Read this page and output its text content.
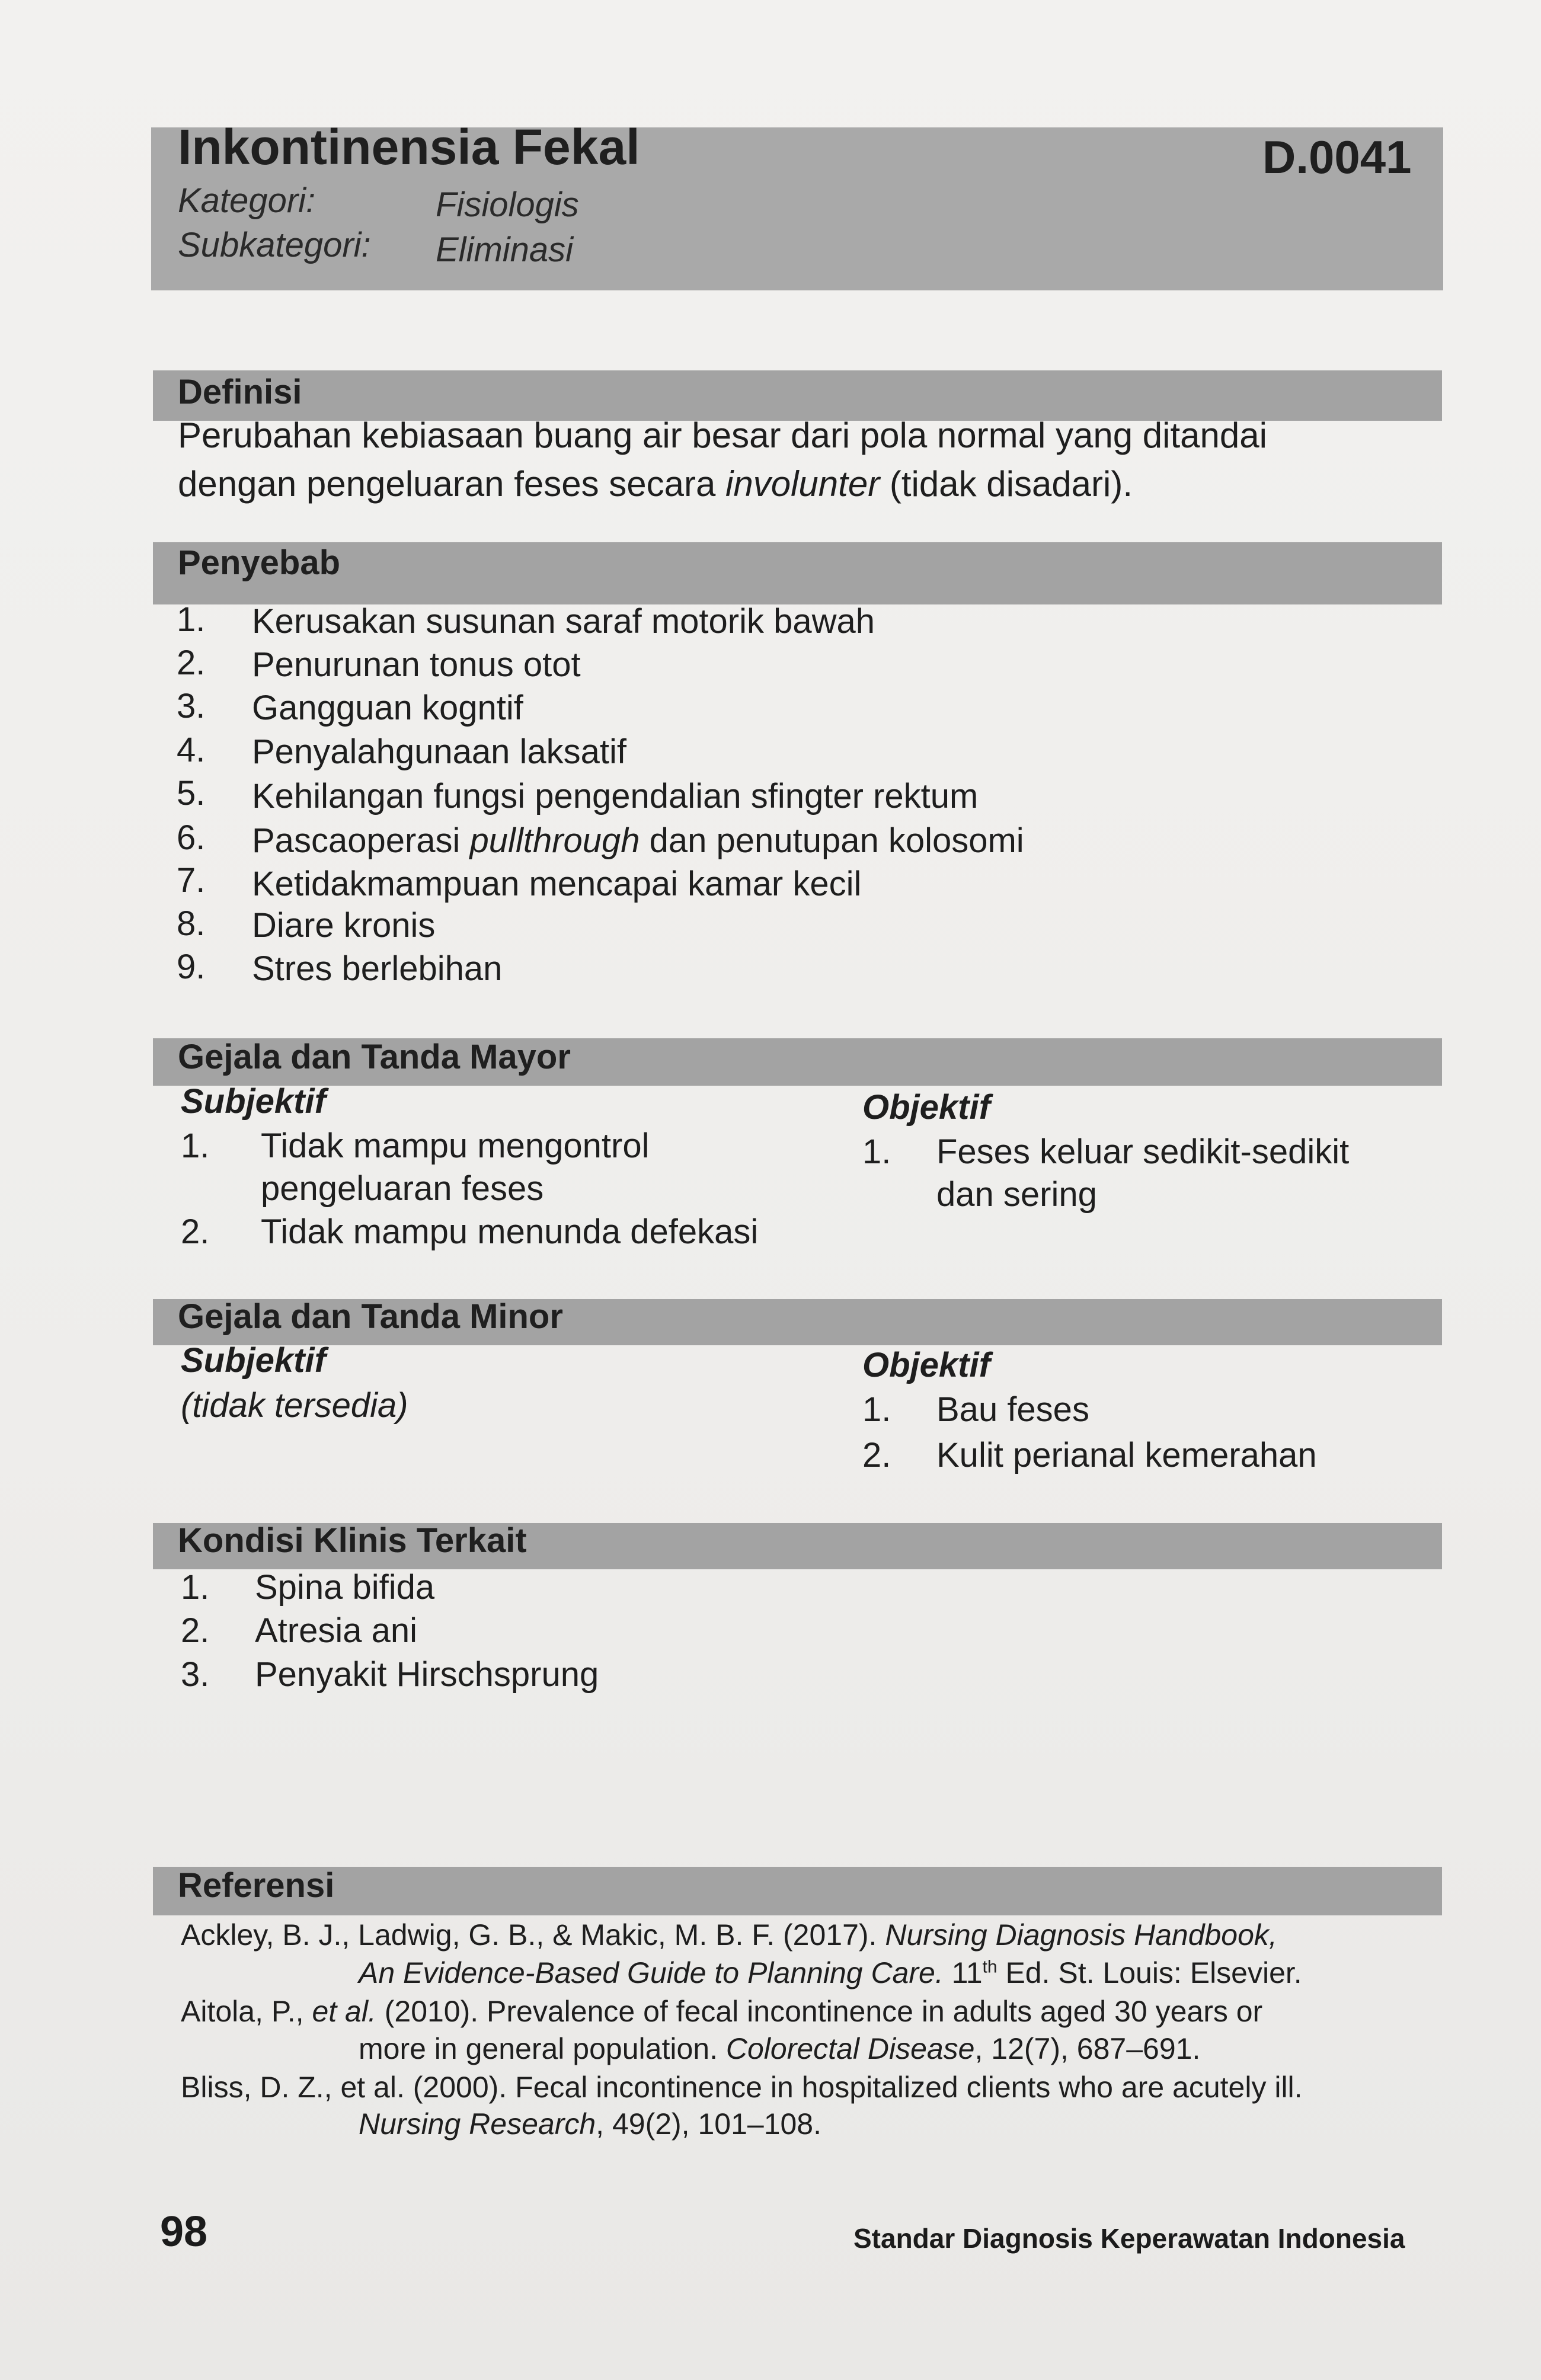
Inkontinensia Fekal	D.0041
Kategori:	Fisiologis
Subkategori: Eliminasi
Definisi
Perubahan kebiasaan buang air besar dari pola normal yang ditandai
dengan pengeluaran feses secara involunter (tidak disadari).
Penyebab
1. Kerusakan susunan saraf motorik bawah
2. Penurunan tonus otot
3. Gangguan kogntif
4. Penyalahgunaan laksatif
5. Kehilangan fungsi pengendalian sfingter rektum
6. Pascaoperasi pullthrough dan penutupan kolosomi
7. Ketidakmampuan mencapai kamar kecil
8. Diare kronis
9. Stres berlebihan
Gejala dan Tanda Mayor
Subjektif	Objektif
1. Tidak mampu mengontrol
pengeluaran feses
2. Tidak mampu menunda defekasi
1. Feses keluar sedikit-sedikit
dan sering
Gejala dan Tanda Minor
Subjektif	Objektif
(tidak tersedia)	1. Bau feses
2. Kulit perianal kemerahan
Kondisi Klinis Terkait
1. Spina bifida
2. Atresia ani
3. Penyakit Hirschsprung
Referensi
Ackley, B. J., Ladwig, G. B., & Makic, M. B. F. (2017). Nursing Diagnosis Handbook,
An Evidence-Based Guide to Planning Care. 11th Ed. St. Louis: Elsevier.
Aitola, P., et al. (2010). Prevalence of fecal incontinence in adults aged 30 years or
more in general population. Colorectal Disease, 12(7), 687–691.
Bliss, D. Z., et al. (2000). Fecal incontinence in hospitalized clients who are acutely ill.
Nursing Research, 49(2), 101–108.
98	Standar Diagnosis Keperawatan Indonesia
